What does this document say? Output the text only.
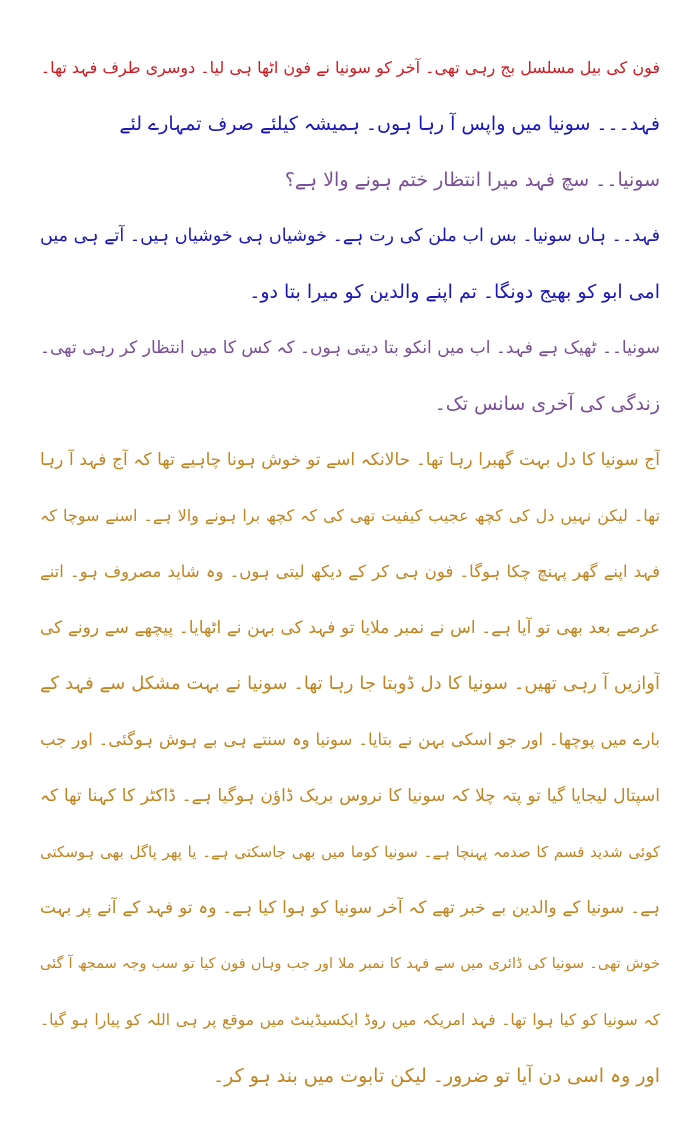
فون کی بیل مسلسل بج رہی تھی۔ آخر کو سونیا نے فون اٹھا ہی لیا۔ دوسری طرف فہد تھا۔
فہد۔۔۔ سونیا میں واپس آ رہا ہوں۔ ہمیشہ کیلئے صرف تمہارے لئے
سونیا۔۔ سچ فہد میرا انتظار ختم ہونے والا ہے؟
فہد۔۔ ہاں سونیا۔ بس اب ملن کی رت ہے۔ خوشیاں ہی خوشیاں ہیں۔ آتے ہی میں
امی ابو کو بھیج دونگا۔ تم اپنے والدین کو میرا بتا دو۔
سونیا۔۔ ٹھیک ہے فہد۔ اب میں انکو بتا دیتی ہوں۔ کہ کس کا میں انتظار کر رہی تھی۔
زندگی کی آخری سانس تک۔
آج سونیا کا دل بہت گھبرا رہا تھا۔ حالانکہ اسے تو خوش ہونا چاہیے تھا کہ آج فہد آ رہا
تھا۔ لیکن نہیں دل کی کچھ عجیب کیفیت تھی کی کہ کچھ برا ہونے والا ہے۔ اسنے سوچا کہ
فہد اپنے گھر پہنچ چکا ہوگا۔ فون ہی کر کے دیکھ لیتی ہوں۔ وہ شاید مصروف ہو۔ اتنے
عرصے بعد بھی تو آیا ہے۔ اس نے نمبر ملایا تو فہد کی بہن نے اٹھایا۔ پیچھے سے رونے کی
آوازیں آ رہی تھیں۔ سونیا کا دل ڈوبتا جا رہا تھا۔ سونیا نے بہت مشکل سے فہد کے
بارے میں پوچھا۔ اور جو اسکی بہن نے بتایا۔ سونیا وہ سنتے ہی بے ہوش ہوگئی۔ اور جب
اسپتال لیجایا گیا تو پتہ چلا کہ سونیا کا نروس بریک ڈاؤن ہوگیا ہے۔ ڈاکٹر کا کہنا تھا کہ
کوئی شدید قسم کا صدمہ پہنچا ہے۔ سونیا کوما میں بھی جاسکتی ہے۔ یا پھر پاگل بھی ہوسکتی
ہے۔ سونیا کے والدین بے خبر تھے کہ آخر سونیا کو ہوا کیا ہے۔ وہ تو فہد کے آنے پر بہت
خوش تھی۔ سونیا کی ڈائری میں سے فہد کا نمبر ملا اور جب وہاں فون کیا تو سب وجہ سمجھ آ گئی
کہ سونیا کو کیا ہوا تھا۔ فہد امریکہ میں روڈ ایکسیڈینٹ میں موقع پر ہی اللہ کو پیارا ہو گیا۔
اور وہ اسی دن آیا تو ضرور۔ لیکن تابوت میں بند ہو کر۔
